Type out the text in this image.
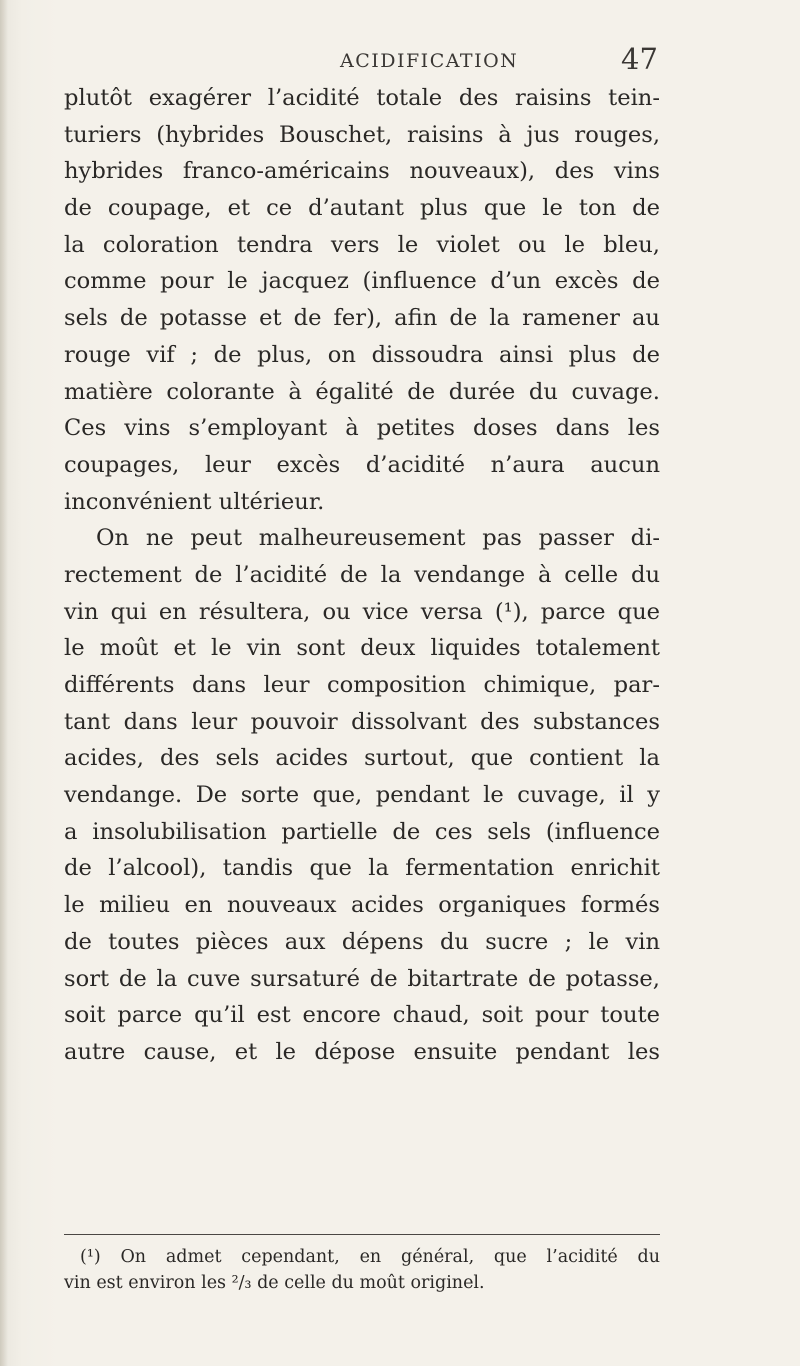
ACIDIFICATION	47
plutôt exagérer l’acidité totale des raisins tein-
turiers (hybrides Bouschet, raisins à jus rouges,
hybrides franco-américains nouveaux), des vins
de coupage, et ce d’autant plus que le ton de
la coloration tendra vers le violet ou le bleu,
comme pour le jacquez (influence d’un excès de
sels de potasse et de fer), afin de la ramener au
rouge vif ; de plus, on dissoudra ainsi plus de
matière colorante à égalité de durée du cuvage.
Ces vins s’employant à petites doses dans les
coupages, leur excès d’acidité n’aura aucun
inconvénient ultérieur.
On ne peut malheureusement pas passer di-
rectement de l’acidité de la vendange à celle du
vin qui en résultera, ou vice versa (¹), parce que
le moût et le vin sont deux liquides totalement
différents dans leur composition chimique, par-
tant dans leur pouvoir dissolvant des substances
acides, des sels acides surtout, que contient la
vendange. De sorte que, pendant le cuvage, il y
a insolubilisation partielle de ces sels (influence
de l’alcool), tandis que la fermentation enrichit
le milieu en nouveaux acides organiques formés
de toutes pièces aux dépens du sucre ; le vin
sort de la cuve sursaturé de bitartrate de potasse,
soit parce qu’il est encore chaud, soit pour toute
autre cause, et le dépose ensuite pendant les
(¹) On admet cependant, en général, que l’acidité du
vin est environ les ²/₃ de celle du moût originel.
